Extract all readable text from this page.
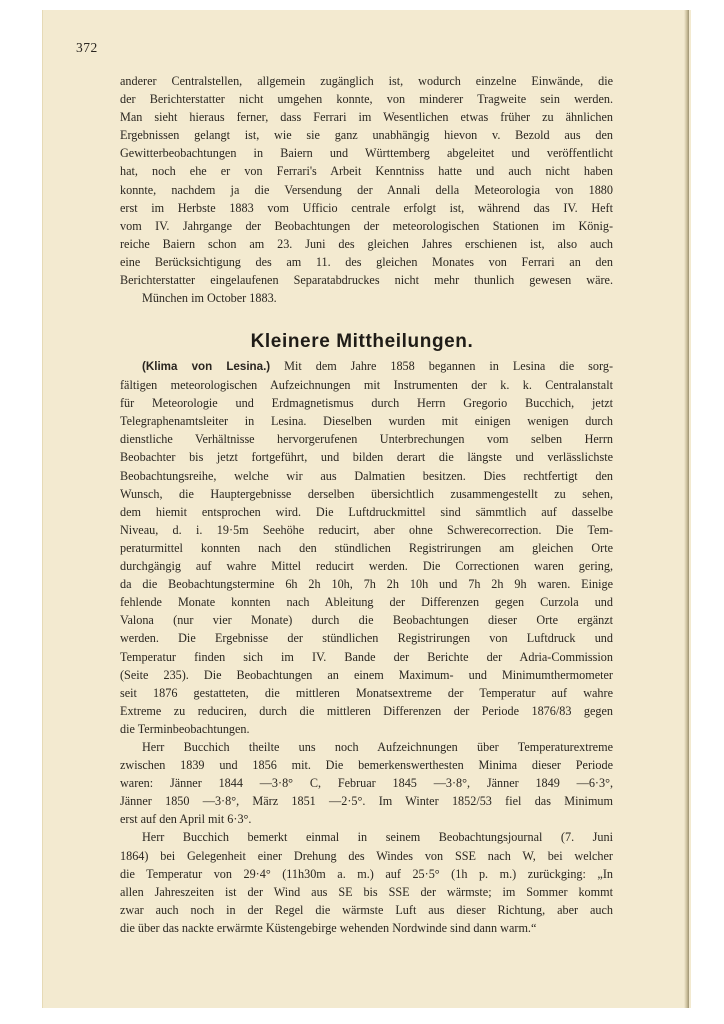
372
anderer Centralstellen, allgemein zugänglich ist, wodurch einzelne Einwände, die
der Berichterstatter nicht umgehen konnte, von minderer Tragweite sein werden.
Man sieht hieraus ferner, dass Ferrari im Wesentlichen etwas früher zu ähnlichen
Ergebnissen gelangt ist, wie sie ganz unabhängig hievon v. Bezold aus den
Gewitterbeobachtungen in Baiern und Württemberg abgeleitet und veröffentlicht
hat, noch ehe er von Ferrari's Arbeit Kenntniss hatte und auch nicht haben
konnte, nachdem ja die Versendung der Annali della Meteorologia von 1880
erst im Herbste 1883 vom Ufficio centrale erfolgt ist, während das IV. Heft
vom IV. Jahrgange der Beobachtungen der meteorologischen Stationen im König-
reiche Baiern schon am 23. Juni des gleichen Jahres erschienen ist, also auch
eine Berücksichtigung des am 11. des gleichen Monates von Ferrari an den
Berichterstatter eingelaufenen Separatabdruckes nicht mehr thunlich gewesen wäre.
München im October 1883.
Kleinere Mittheilungen.
(Klima von Lesina.) Mit dem Jahre 1858 begannen in Lesina die sorg-
fältigen meteorologischen Aufzeichnungen mit Instrumenten der k. k. Centralanstalt
für Meteorologie und Erdmagnetismus durch Herrn Gregorio Bucchich, jetzt
Telegraphenamtsleiter in Lesina. Dieselben wurden mit einigen wenigen durch
dienstliche Verhältnisse hervorgerufenen Unterbrechungen vom selben Herrn
Beobachter bis jetzt fortgeführt, und bilden derart die längste und verlässlichste
Beobachtungsreihe, welche wir aus Dalmatien besitzen. Dies rechtfertigt den
Wunsch, die Hauptergebnisse derselben übersichtlich zusammengestellt zu sehen,
dem hiemit entsprochen wird. Die Luftdruckmittel sind sämmtlich auf dasselbe
Niveau, d. i. 19·5m Seehöhe reducirt, aber ohne Schwerecorrection. Die Tem-
peraturmittel konnten nach den stündlichen Registrirungen am gleichen Orte
durchgängig auf wahre Mittel reducirt werden. Die Correctionen waren gering,
da die Beobachtungstermine 6h 2h 10h, 7h 2h 10h und 7h 2h 9h waren. Einige
fehlende Monate konnten nach Ableitung der Differenzen gegen Curzola und
Valona (nur vier Monate) durch die Beobachtungen dieser Orte ergänzt
werden. Die Ergebnisse der stündlichen Registrirungen von Luftdruck und
Temperatur finden sich im IV. Bande der Berichte der Adria-Commission
(Seite 235). Die Beobachtungen an einem Maximum- und Minimumthermometer
seit 1876 gestatteten, die mittleren Monatsextreme der Temperatur auf wahre
Extreme zu reduciren, durch die mittleren Differenzen der Periode 1876/83 gegen
die Terminbeobachtungen.
Herr Bucchich theilte uns noch Aufzeichnungen über Temperaturextreme
zwischen 1839 und 1856 mit. Die bemerkenswerthesten Minima dieser Periode
waren: Jänner 1844 —3·8° C, Februar 1845 —3·8°, Jänner 1849 —6·3°,
Jänner 1850 —3·8°, März 1851 —2·5°. Im Winter 1852/53 fiel das Minimum
erst auf den April mit 6·3°.
Herr Bucchich bemerkt einmal in seinem Beobachtungsjournal (7. Juni
1864) bei Gelegenheit einer Drehung des Windes von SSE nach W, bei welcher
die Temperatur von 29·4° (11h30m a. m.) auf 25·5° (1h p. m.) zurückging: „In
allen Jahreszeiten ist der Wind aus SE bis SSE der wärmste; im Sommer kommt
zwar auch noch in der Regel die wärmste Luft aus dieser Richtung, aber auch
die über das nackte erwärmte Küstengebirge wehenden Nordwinde sind dann warm.“
